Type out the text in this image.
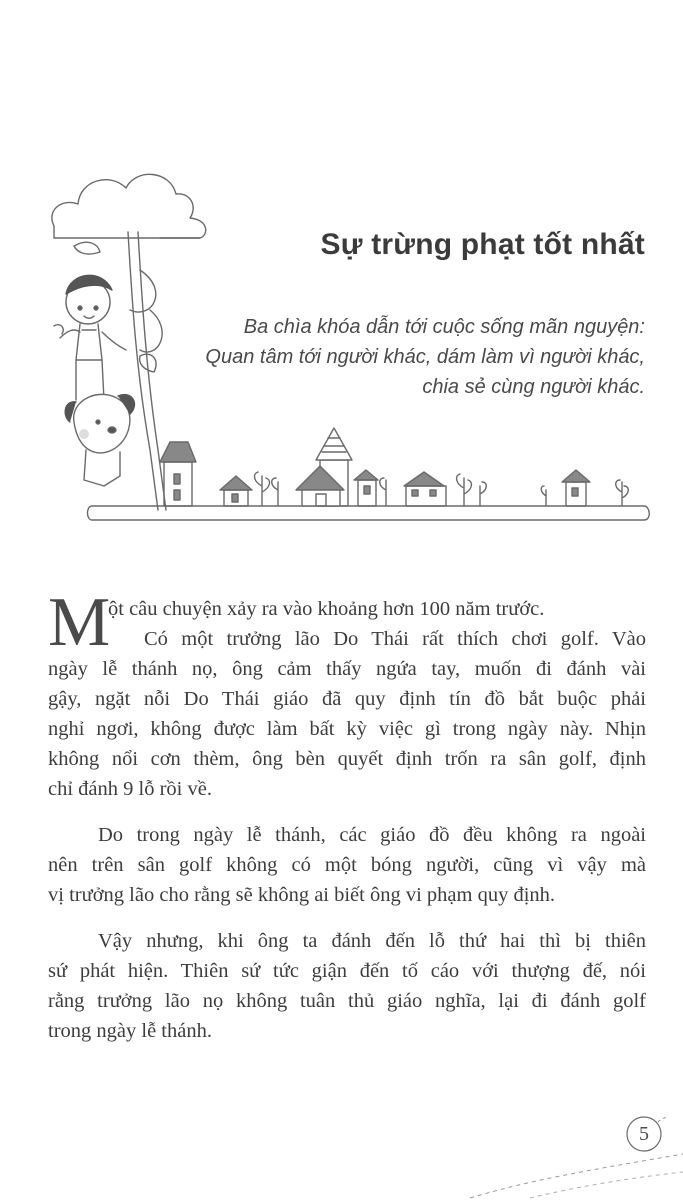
Sự trừng phạt tốt nhất
Ba chìa khóa dẫn tới cuộc sống mãn nguyện:
Quan tâm tới người khác, dám làm vì người khác,
chia sẻ cùng người khác.
M
ột câu chuyện xảy ra vào khoảng hơn 100 năm trước.
Có một trưởng lão Do Thái rất thích chơi golf. Vào
ngày lễ thánh nọ, ông cảm thấy ngứa tay, muốn đi đánh vài
gậy, ngặt nỗi Do Thái giáo đã quy định tín đồ bắt buộc phải
nghỉ ngơi, không được làm bất kỳ việc gì trong ngày này. Nhịn
không nổi cơn thèm, ông bèn quyết định trốn ra sân golf, định
chỉ đánh 9 lỗ rồi về.
Do trong ngày lễ thánh, các giáo đồ đều không ra ngoài
nên trên sân golf không có một bóng người, cũng vì vậy mà
vị trưởng lão cho rằng sẽ không ai biết ông vi phạm quy định.
Vậy nhưng, khi ông ta đánh đến lỗ thứ hai thì bị thiên
sứ phát hiện. Thiên sứ tức giận đến tố cáo với thượng đế, nói
rằng trưởng lão nọ không tuân thủ giáo nghĩa, lại đi đánh golf
trong ngày lễ thánh.
5
